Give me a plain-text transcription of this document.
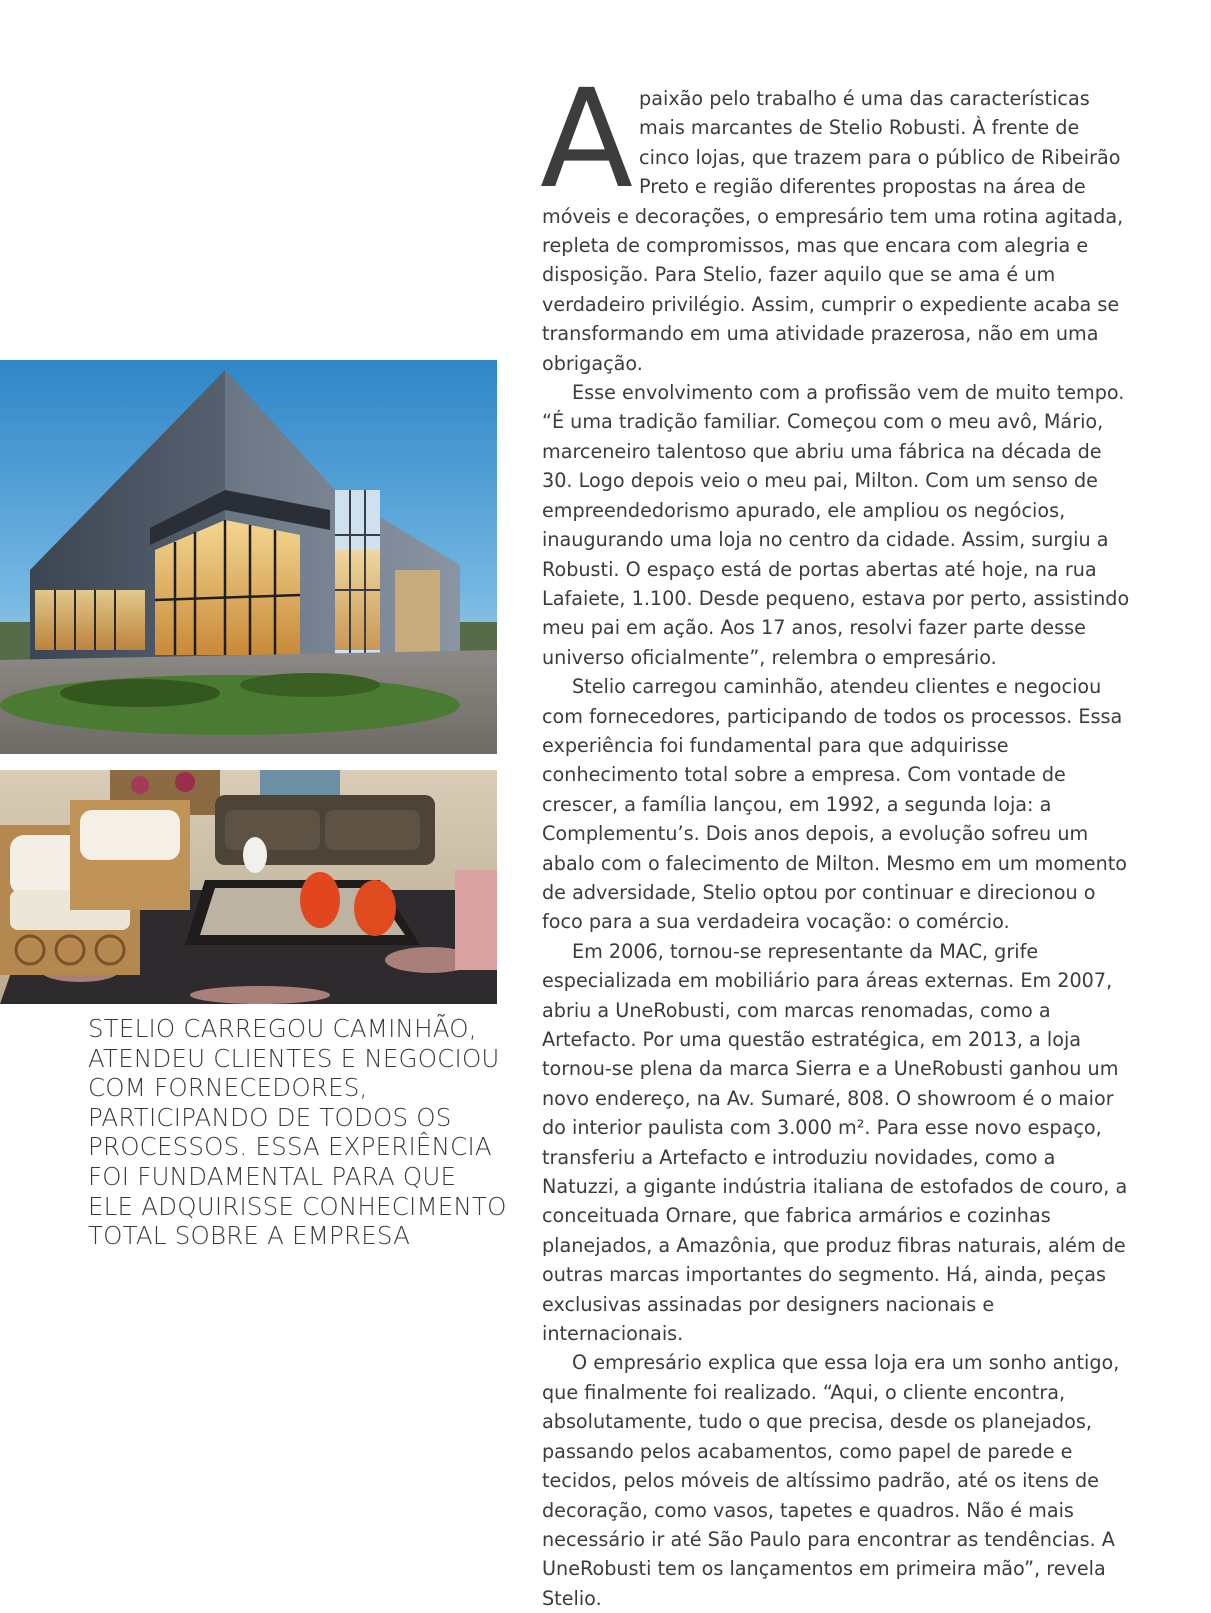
STELIO CARREGOU CAMINHÃO, ATENDEU CLIENTES E NEGOCIOU COM FORNECEDORES, PARTICIPANDO DE TODOS OS PROCESSOS. ESSA EXPERIÊNCIA FOI FUNDAMENTAL PARA QUE ELE ADQUIRISSE CONHECIMENTO TOTAL SOBRE A EMPRESA

A paixão pelo trabalho é uma das características mais marcantes de Stelio Robusti. À frente de cinco lojas, que trazem para o público de Ribeirão Preto e região diferentes propostas na área de móveis e decorações, o empresário tem uma rotina agitada, repleta de compromissos, mas que encara com alegria e disposição. Para Stelio, fazer aquilo que se ama é um verdadeiro privilégio. Assim, cumprir o expediente acaba se transformando em uma atividade prazerosa, não em uma obrigação.

Esse envolvimento com a profissão vem de muito tempo. “É uma tradição familiar. Começou com o meu avô, Mário, marceneiro talentoso que abriu uma fábrica na década de 30. Logo depois veio o meu pai, Milton. Com um senso de empreendedorismo apurado, ele ampliou os negócios, inaugurando uma loja no centro da cidade. Assim, surgiu a Robusti. O espaço está de portas abertas até hoje, na rua Lafaiete, 1.100. Desde pequeno, estava por perto, assistindo meu pai em ação. Aos 17 anos, resolvi fazer parte desse universo oficialmente”, relembra o empresário.

Stelio carregou caminhão, atendeu clientes e negociou com fornecedores, participando de todos os processos. Essa experiência foi fundamental para que adquirisse conhecimento total sobre a empresa. Com vontade de crescer, a família lançou, em 1992, a segunda loja: a Complementu’s. Dois anos depois, a evolução sofreu um abalo com o falecimento de Milton. Mesmo em um momento de adversidade, Stelio optou por continuar e direcionou o foco para a sua verdadeira vocação: o comércio.

Em 2006, tornou-se representante da MAC, grife especializada em mobiliário para áreas externas. Em 2007, abriu a UneRobusti, com marcas renomadas, como a Artefacto. Por uma questão estratégica, em 2013, a loja tornou-se plena da marca Sierra e a UneRobusti ganhou um novo endereço, na Av. Sumaré, 808. O showroom é o maior do interior paulista com 3.000 m². Para esse novo espaço, transferiu a Artefacto e introduziu novidades, como a Natuzzi, a gigante indústria italiana de estofados de couro, a conceituada Ornare, que fabrica armários e cozinhas planejados, a Amazônia, que produz fibras naturais, além de outras marcas importantes do segmento. Há, ainda, peças exclusivas assinadas por designers nacionais e internacionais.

O empresário explica que essa loja era um sonho antigo, que finalmente foi realizado. “Aqui, o cliente encontra, absolutamente, tudo o que precisa, desde os planejados, passando pelos acabamentos, como papel de parede e tecidos, pelos móveis de altíssimo padrão, até os itens de decoração, como vasos, tapetes e quadros. Não é mais necessário ir até São Paulo para encontrar as tendências. A UneRobusti tem os lançamentos em primeira mão”, revela Stelio.
